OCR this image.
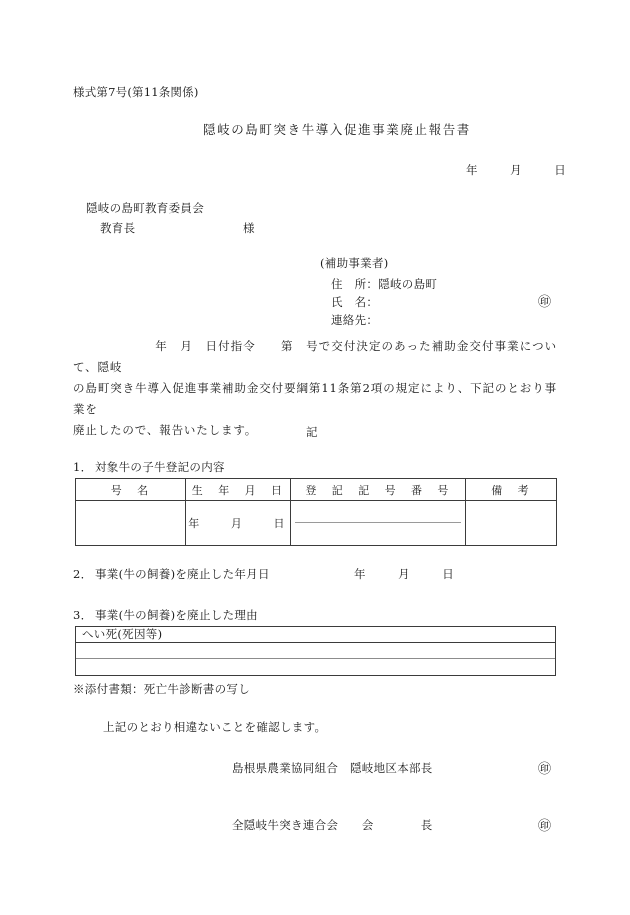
様式第7号(第11条関係)
隠岐の島町突き牛導入促進事業廃止報告書
年　　月　　日
隠岐の島町教育委員会
教育長	様
(補助事業者)
住　所：隠岐の島町
氏　名：	㊞
連絡先：
年　月　日付指令　　第　号で交付決定のあった補助金交付事業について、隠岐
の島町突き牛導入促進事業補助金交付要綱第11条第2項の規定により、下記のとおり事業を
廃止したので、報告いたします。	記
1． 対象牛の子牛登記の内容
号　名	生　年　月　日	登　記　記　号　番　号	備　考
	年　　月　　日	

2． 事業(牛の飼養)を廃止した年月日	年　　月　　日
3． 事業(牛の飼養)を廃止した理由
へい死(死因等)
※添付書類：死亡牛診断書の写し
上記のとおり相違ないことを確認します。
島根県農業協同組合　隠岐地区本部長	㊞
全隠岐牛突き連合会　　会　　　　長	㊞
